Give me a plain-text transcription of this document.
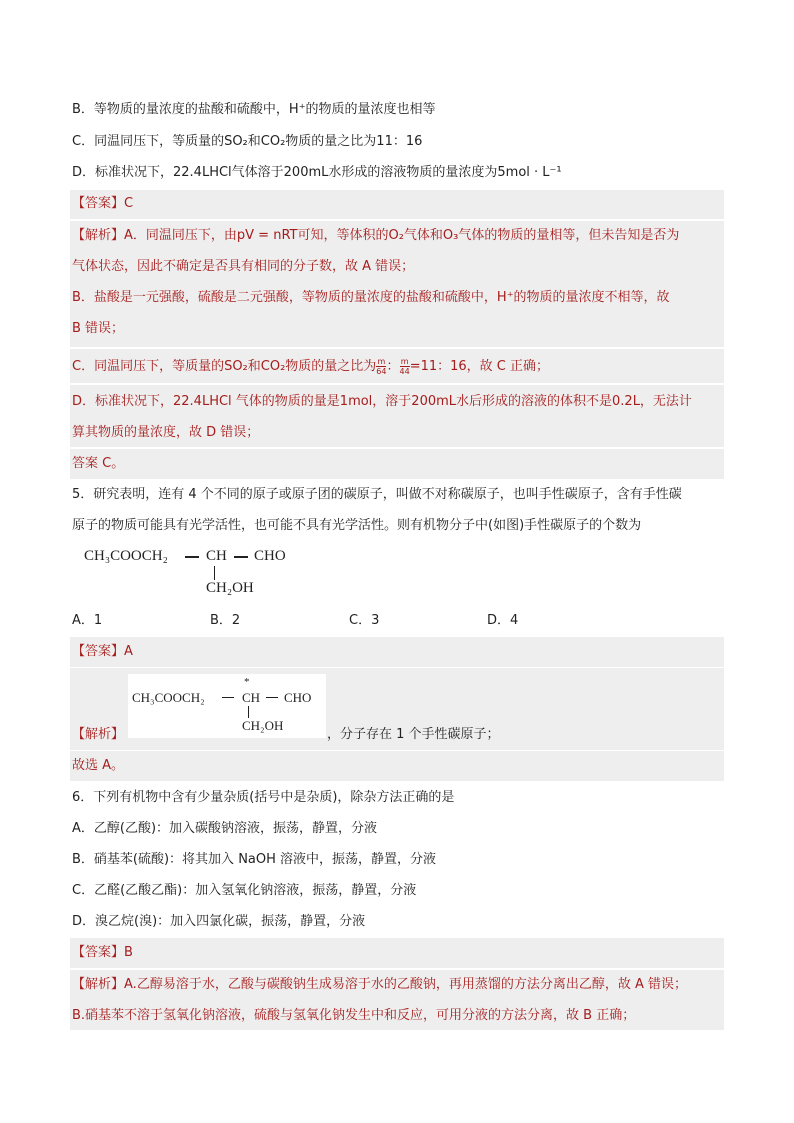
B．等物质的量浓度的盐酸和硫酸中，H⁺的物质的量浓度也相等
C．同温同压下，等质量的SO₂和CO₂物质的量之比为11：16
D．标准状况下，22.4LHCl气体溶于200mL水形成的溶液物质的量浓度为5mol · L⁻¹
【答案】C
【解析】A．同温同压下，由pV = nRT可知，等体积的O₂气体和O₃气体的物质的量相等，但未告知是否为
气体状态，因此不确定是否具有相同的分子数，故 A 错误；
B．盐酸是一元强酸，硫酸是二元强酸，等物质的量浓度的盐酸和硫酸中，H⁺的物质的量浓度不相等，故
B 错误；
C．同温同压下，等质量的SO₂和CO₂物质的量之比为 $\frac{m}{64}$ ： $\frac{m}{44} =11$：16，故 C 正确；
D．标准状况下，22.4LHCl 气体的物质的量是1mol，溶于200mL水后形成的溶液的体积不是0.2L，无法计
算其物质的量浓度，故 D 错误；
答案 C。
5．研究表明，连有 4 个不同的原子或原子团的碳原子，叫做不对称碳原子，也叫手性碳原子，含有手性碳
原子的物质可能具有光学活性，也可能不具有光学活性。则有机物分子中(如图)手性碳原子的个数为
CH₃COOCH₂	CH CHO
CH₂OH
A．1	B．2	C．3	D．4
【答案】A
CH₃COOCH₂
*
CH CHO
CH₂OH
【解析】	，分子存在 1 个手性碳原子；
故选 A。
6．下列有机物中含有少量杂质(括号中是杂质)，除杂方法正确的是
A．乙醇(乙酸)：加入碳酸钠溶液，振荡，静置，分液
B．硝基苯(硫酸)：将其加入 NaOH 溶液中，振荡，静置，分液
C．乙醛(乙酸乙酯)：加入氢氧化钠溶液，振荡，静置，分液
D．溴乙烷(溴)：加入四氯化碳，振荡，静置，分液
【答案】B
【解析】A.乙醇易溶于水，乙酸与碳酸钠生成易溶于水的乙酸钠，再用蒸馏的方法分离出乙醇，故 A 错误；
B.硝基苯不溶于氢氧化钠溶液，硫酸与氢氧化钠发生中和反应，可用分液的方法分离，故 B 正确；
